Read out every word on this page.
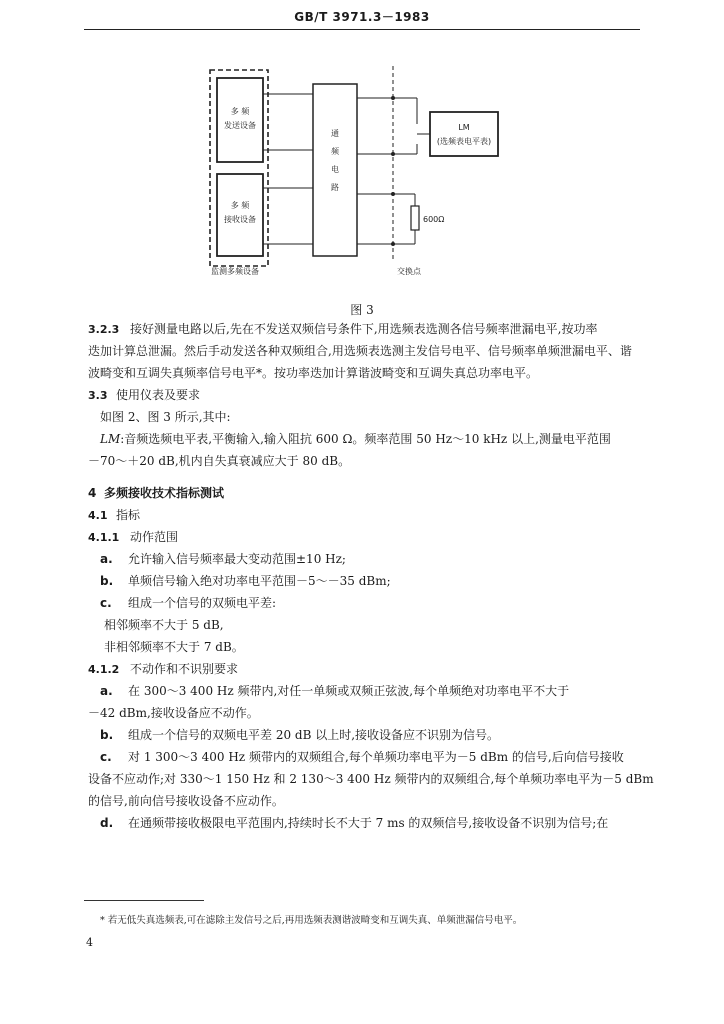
GB/T 3971.3－1983
多 频
发送设备
多 频
接收设备
监测多频设备
通
频
电
路
LM
(选频表电平表)
600Ω
交换点
图 3
3.2.3 接好测量电路以后,先在不发送双频信号条件下,用选频表选测各信号频率泄漏电平,按功率
迭加计算总泄漏。然后手动发送各种双频组合,用选频表选测主发信号电平、信号频率单频泄漏电平、谐
波畸变和互调失真频率信号电平*。按功率迭加计算谐波畸变和互调失真总功率电平。
3.3 使用仪表及要求
如图 2、图 3 所示,其中:
LM:音频选频电平表,平衡输入,输入阻抗 600 Ω。频率范围 50 Hz～10 kHz 以上,测量电平范围
－70～＋20 dB,机内自失真衰减应大于 80 dB。
4 多频接收技术指标测试
4.1 指标
4.1.1 动作范围
a. 允许输入信号频率最大变动范围±10 Hz;
b. 单频信号输入绝对功率电平范围－5～－35 dBm;
c. 组成一个信号的双频电平差:
相邻频率不大于 5 dB,
非相邻频率不大于 7 dB。
4.1.2 不动作和不识别要求
a. 在 300～3 400 Hz 频带内,对任一单频或双频正弦波,每个单频绝对功率电平不大于
－42 dBm,接收设备应不动作。
b. 组成一个信号的双频电平差 20 dB 以上时,接收设备应不识别为信号。
c. 对 1 300～3 400 Hz 频带内的双频组合,每个单频功率电平为－5 dBm 的信号,后向信号接收
设备不应动作;对 330～1 150 Hz 和 2 130～3 400 Hz 频带内的双频组合,每个单频功率电平为－5 dBm
的信号,前向信号接收设备不应动作。
d. 在通频带接收极限电平范围内,持续时长不大于 7 ms 的双频信号,接收设备不识别为信号;在
* 若无低失真选频表,可在滤除主发信号之后,再用选频表测谐波畸变和互调失真、单频泄漏信号电平。
4
